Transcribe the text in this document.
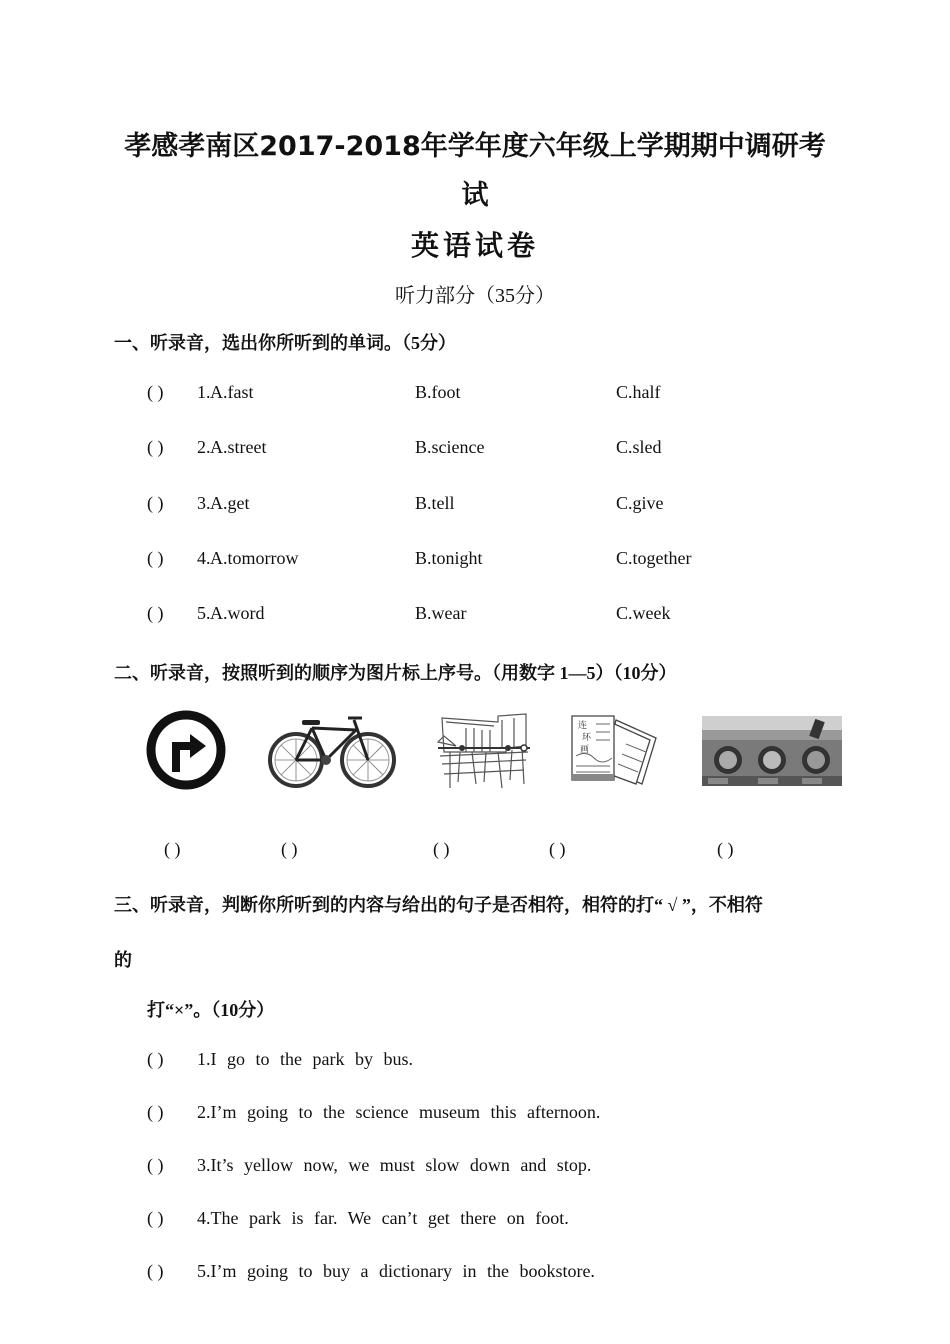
孝感孝南区2017-2018年学年度六年级上学期期中调研考
试
英语试卷
听力部分（35分）
一、听录音，选出你所听到的单词。（5分）
( ) 1. A.fast	B.foot	C.half
( ) 2. A.street	B.science	C.sled
( ) 3. A.get	B.tell	C.give
( ) 4. A.tomorrow	B.tonight	C.together
( ) 5. A.word	B.wear	C.week
二、听录音，按照听到的顺序为图片标上序号。（用数字 1—5）（10分）
连
环
画
( )	( )	( )	( )	( )
三、听录音，判断你所听到的内容与给出的句子是否相符，相符的打“ √ ”，不相符
的
打“×”。（10分）
( ) 1.I go to the park by bus.
( ) 2.I’m going to the science museum this afternoon.
( ) 3.It’s yellow now, we must slow down and stop.
( ) 4.The park is far. We can’t get there on foot.
( ) 5.I’m going to buy a dictionary in the bookstore.
